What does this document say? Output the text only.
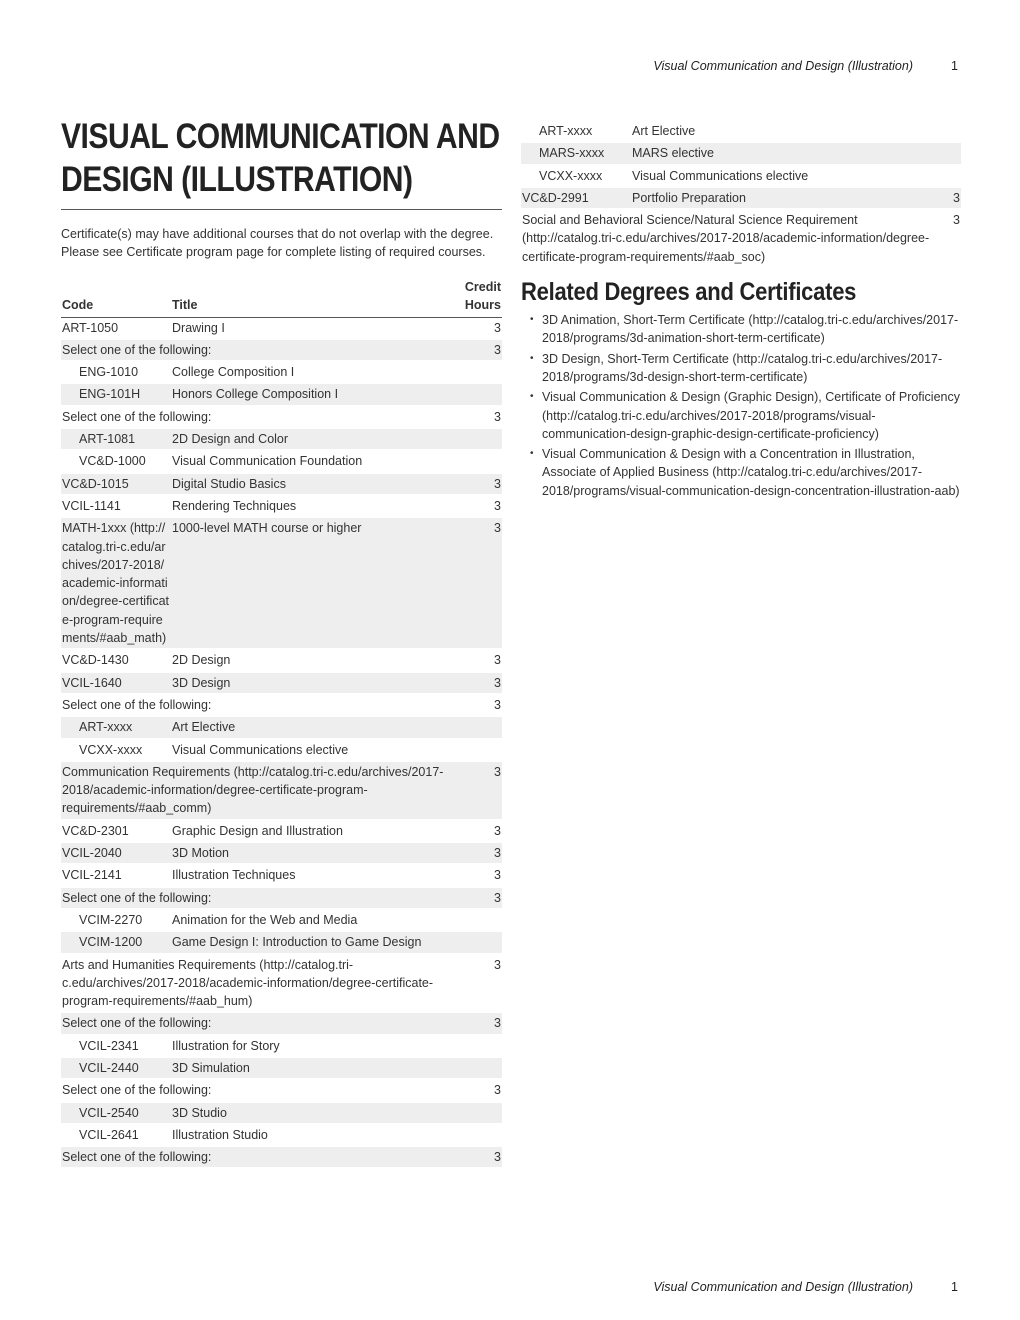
Visual Communication and Design (Illustration)	1
VISUAL COMMUNICATION AND DESIGN (ILLUSTRATION)

Certificate(s) may have additional courses that do not overlap with the degree. Please see Certificate program page for complete listing of required courses.

Code	Title	Credit Hours
ART-1050	Drawing I	3
Select one of the following:		3
ENG-1010	College Composition I	
ENG-101H	Honors College Composition I	
Select one of the following:		3
ART-1081	2D Design and Color	
VC&D-1000	Visual Communication Foundation	
VC&D-1015	Digital Studio Basics	3
VCIL-1141	Rendering Techniques	3
MATH-1xxx (http://catalog.tri-c.edu/archives/2017-2018/academic-information/degree-certificate-program-requirements/#aab_math)	1000-level MATH course or higher	3
VC&D-1430	2D Design	3
VCIL-1640	3D Design	3
Select one of the following:		3
ART-xxxx	Art Elective	
VCXX-xxxx	Visual Communications elective	
Communication Requirements (http://catalog.tri-c.edu/archives/2017-2018/academic-information/degree-certificate-program-requirements/#aab_comm)		3
VC&D-2301	Graphic Design and Illustration	3
VCIL-2040	3D Motion	3
VCIL-2141	Illustration Techniques	3
Select one of the following:		3
VCIM-2270	Animation for the Web and Media	
VCIM-1200	Game Design I: Introduction to Game Design	
Arts and Humanities Requirements (http://catalog.tri-c.edu/archives/2017-2018/academic-information/degree-certificate-program-requirements/#aab_hum)		3
Select one of the following:		3
VCIL-2341	Illustration for Story	
VCIL-2440	3D Simulation	
Select one of the following:		3
VCIL-2540	3D Studio	
VCIL-2641	Illustration Studio	
Select one of the following:		3
ART-xxxx	Art Elective	
MARS-xxxx	MARS elective	
VCXX-xxxx	Visual Communications elective	
VC&D-2991	Portfolio Preparation	3
Social and Behavioral Science/Natural Science Requirement (http://catalog.tri-c.edu/archives/2017-2018/academic-information/degree-certificate-program-requirements/#aab_soc)		3
Related Degrees and Certificates
• 3D Animation, Short-Term Certificate (http://catalog.tri-c.edu/archives/2017-2018/programs/3d-animation-short-term-certificate)
• 3D Design, Short-Term Certificate (http://catalog.tri-c.edu/archives/2017-2018/programs/3d-design-short-term-certificate)
• Visual Communication & Design (Graphic Design), Certificate of Proficiency (http://catalog.tri-c.edu/archives/2017-2018/programs/visual-communication-design-graphic-design-certificate-proficiency)
• Visual Communication & Design with a Concentration in Illustration, Associate of Applied Business (http://catalog.tri-c.edu/archives/2017-2018/programs/visual-communication-design-concentration-illustration-aab)
Visual Communication and Design (Illustration)	1
